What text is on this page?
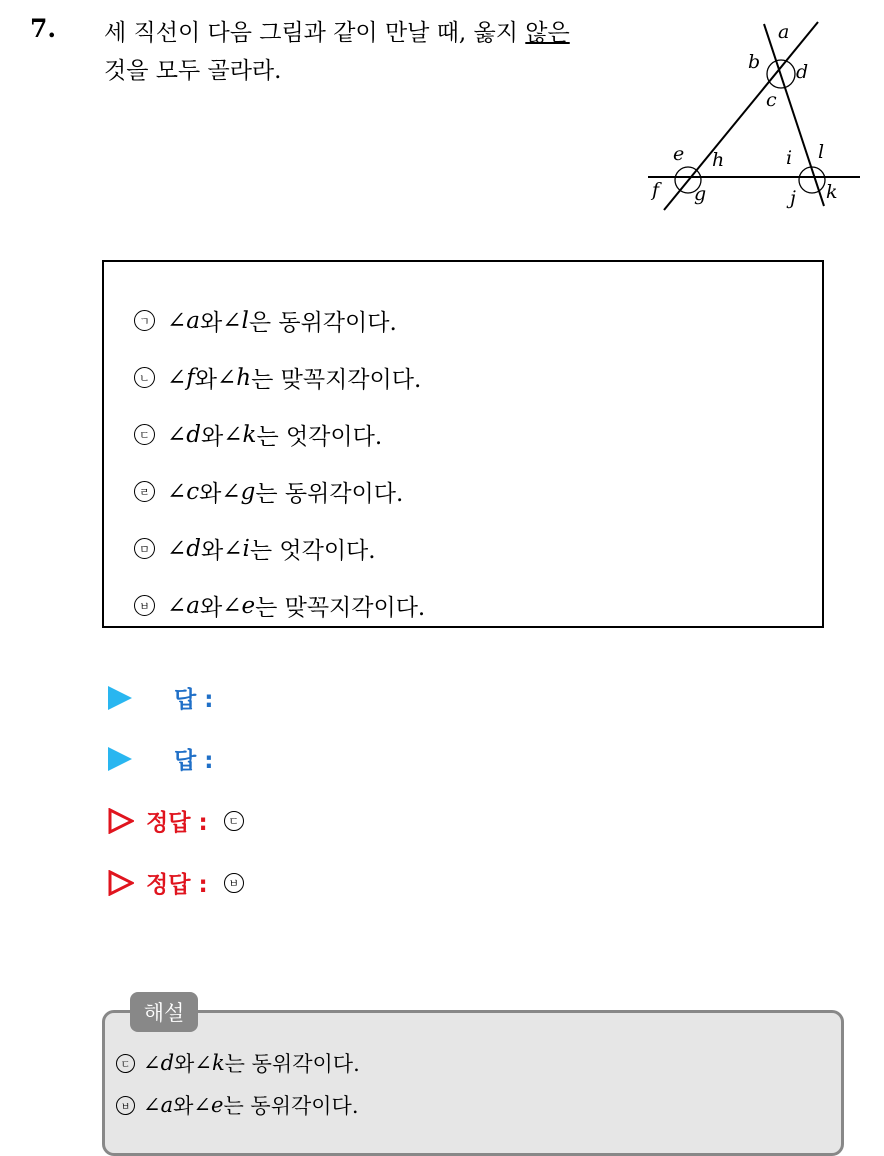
7. 세 직선이 다음 그림과 같이 만날 때, 옳지 않은
것을 모두 골라라.
a
b
c
d
e
f g
h	i
j k
l
ㄱ ∠a 와 ∠l 은 동위각이다.
ㄴ ∠f 와 ∠h 는 맞꼭지각이다.
ㄷ ∠d 와 ∠k 는 엇각이다.
ㄹ ∠c 와 ∠g 는 동위각이다.
ㅁ ∠d 와 ∠i 는 엇각이다.
ㅂ ∠a 와 ∠e 는 맞꼭지각이다.
답 :
답 :
정답 :	ㄷ
정답 :	ㅂ
해설
ㄷ ∠d 와 ∠k 는 동위각이다.
ㅂ ∠a 와 ∠e 는 동위각이다.
